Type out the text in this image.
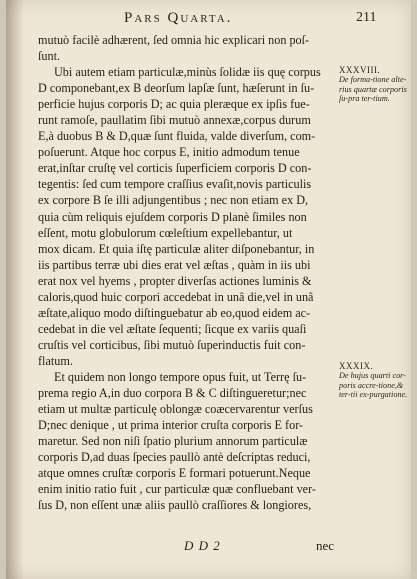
Pars Quarta.	211
mutuò facilè adhærent, ſed omnia hic explicari non poſ-
ſunt.
Ubi autem etiam particulæ,minùs ſolidæ iis quę corpus
D componebant,ex B deorſum lapſæ ſunt, hæſerunt in ſu-
perficie hujus corporis D; ac quia pleræque ex ipſis fue-
runt ramoſe, paullatim ſibi mutuò annexæ,corpus durum
E,à duobus B & D,quæ ſunt fluida, valde diverſum, com-
poſuerunt. Atque hoc corpus E, initio admodum tenue
erat,inſtar cruſtę vel corticis ſuperficiem corporis D con-
tegentis: ſed cum tempore craſſius evaſit,novis particulis
ex corpore B ſe illi adjungentibus ; nec non etiam ex D,
quia cùm reliquis ejuſdem corporis D planè ſimiles non
eſſent, motu globulorum cœleſtium expellebantur, ut
mox dicam. Et quia iſtę particulæ aliter diſponebantur, in
iis partibus terræ ubi dies erat vel æſtas , quàm in iis ubi
erat nox vel hyems , propter diverſas actiones luminis &
caloris,quod huic corpori accedebat in unâ die,vel in unâ
æſtate,aliquo modo diſtinguebatur ab eo,quod eidem ac-
cedebat in die vel æſtate ſequenti; ſicque ex variis quaſi
cruſtis vel corticibus, ſibi mutuò ſuperinductis fuit con-
flatum.
Et quidem non longo tempore opus fuit, ut Terrę ſu-
prema regio A,in duo corpora B & C diſtingueretur;nec
etiam ut multæ particulę oblongæ coæcervarentur verſus
D;nec denique , ut prima interior cruſta corporis E for-
maretur. Sed non niſi ſpatio plurium annorum particulæ
corporis D,ad duas ſpecies paullò antè deſcriptas reduci,
atque omnes cruſtæ corporis E formari potuerunt.Neque
enim initio ratio fuit , cur particulæ quæ confluebant ver-
ſus D, non eſſent unæ aliis paullò craſſiores & longiores,
XXXVIII.
De forma-tione alte-rius quartæ corporis ſu-pra ter-tium.
XXXIX.
De hujus quarti cor-poris accre-tione,& ter-tii ex-purgatione.
D D 2	nec
